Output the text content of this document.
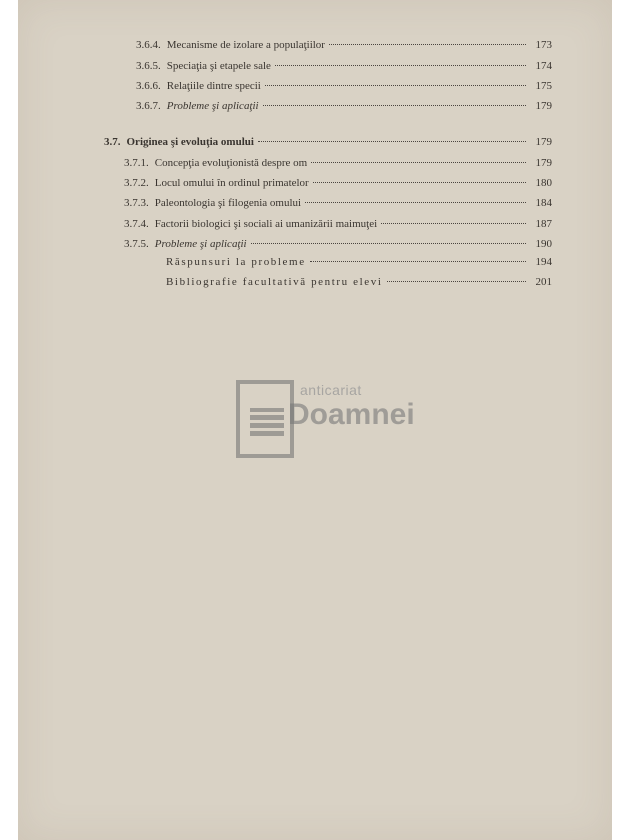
3.6.4. Mecanisme de izolare a populaţiilor	173
3.6.5. Speciaţia şi etapele sale	174
3.6.6. Relaţiile dintre specii	175
3.6.7. Probleme şi aplicaţii	179
3.7. Originea şi evoluţia omului	179
3.7.1. Concepţia evoluţionistă despre om	179
3.7.2. Locul omului în ordinul primatelor	180
3.7.3. Paleontologia şi filogenia omului	184
3.7.4. Factorii biologici şi sociali ai umanizării maimuţei	187
3.7.5. Probleme şi aplicaţii	190
Răspunsuri la probleme	194
Bibliografie facultativă pentru elevi	201
anticariat
Doamnei
